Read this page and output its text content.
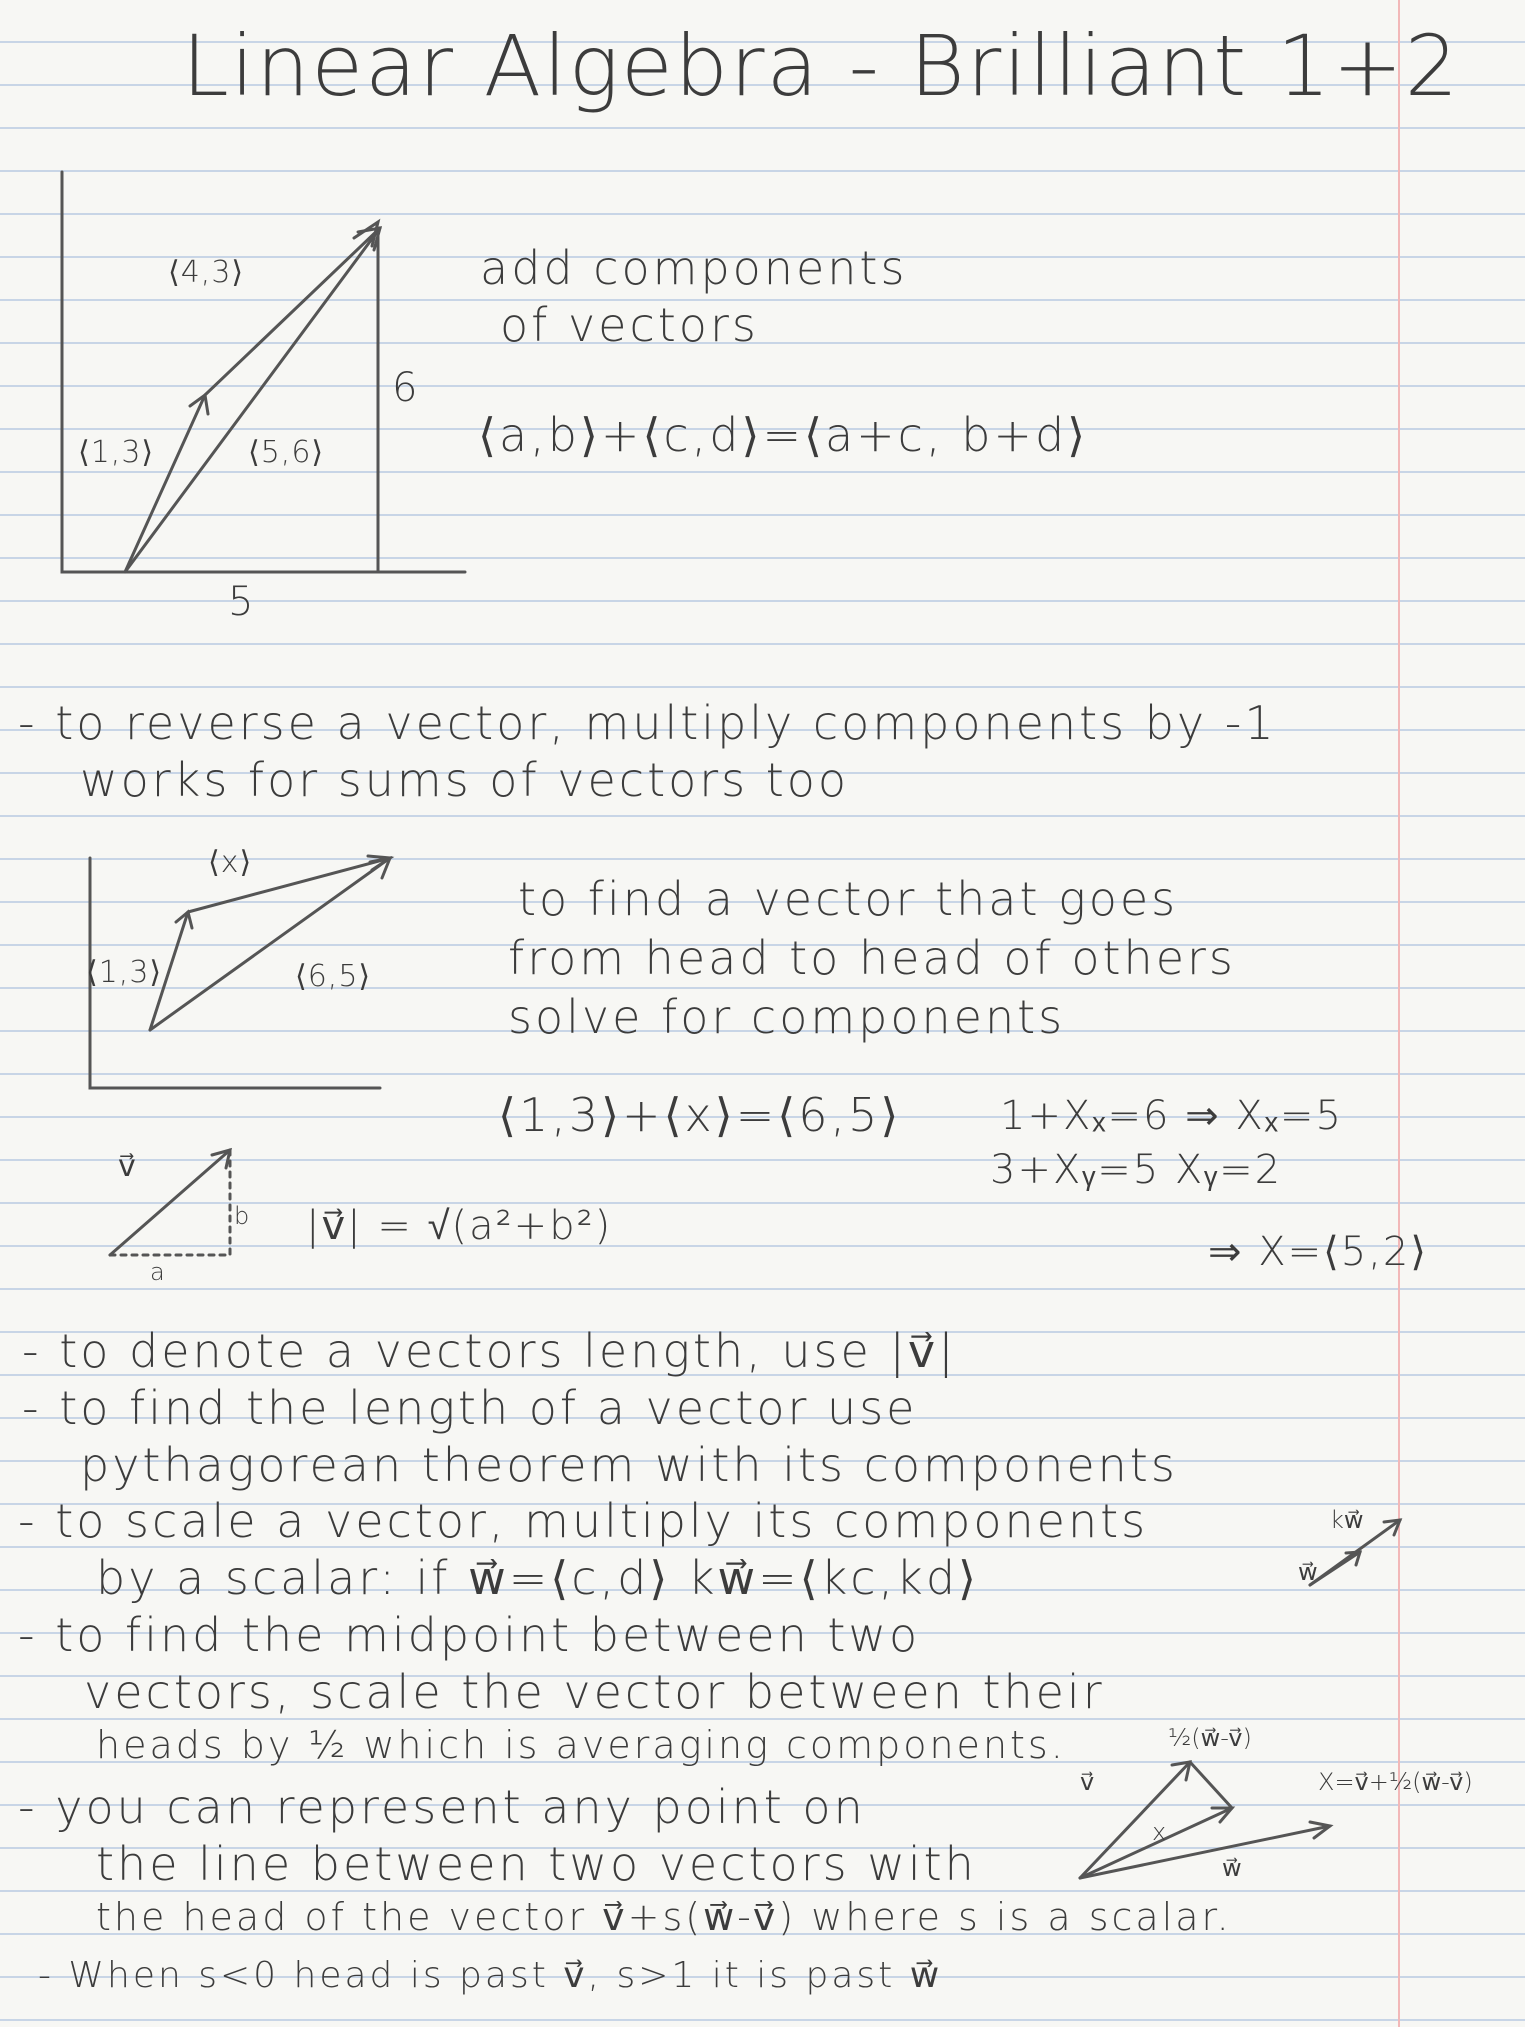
Linear Algebra - Brilliant 1+2
⟨4,3⟩
⟨1,3⟩	⟨5,6⟩
6
5
add components
of vectors
⟨a,b⟩+⟨c,d⟩=⟨a+c, b+d⟩
- to reverse a vector, multiply components by -1
works for sums of vectors too
⟨x⟩
⟨1,3⟩	⟨6,5⟩
to find a vector that goes
from head to head of others
solve for components
⟨1,3⟩+⟨x⟩=⟨6,5⟩ 1+Xₓ=6 ⇒ Xₓ=5
3+Xᵧ=5 Xᵧ=2
⇒ X=⟨5,2⟩
v⃗
b
a
|v⃗| = √(a²+b²)
- to denote a vectors length, use |v⃗|
- to find the length of a vector use
pythagorean theorem with its components
- to scale a vector, multiply its components
by a scalar: if w⃗=⟨c,d⟩ kw⃗=⟨kc,kd⟩
- to find the midpoint between two
vectors, scale the vector between their
heads by ½ which is averaging components.
- you can represent any point on
the line between two vectors with
the head of the vector v⃗+s(w⃗-v⃗) where s is a scalar.
- When s<0 head is past v⃗, s>1 it is past w⃗
kw⃗
w⃗
½(w⃗-v⃗)
v⃗
x
w⃗
X=v⃗+½(w⃗-v⃗)
